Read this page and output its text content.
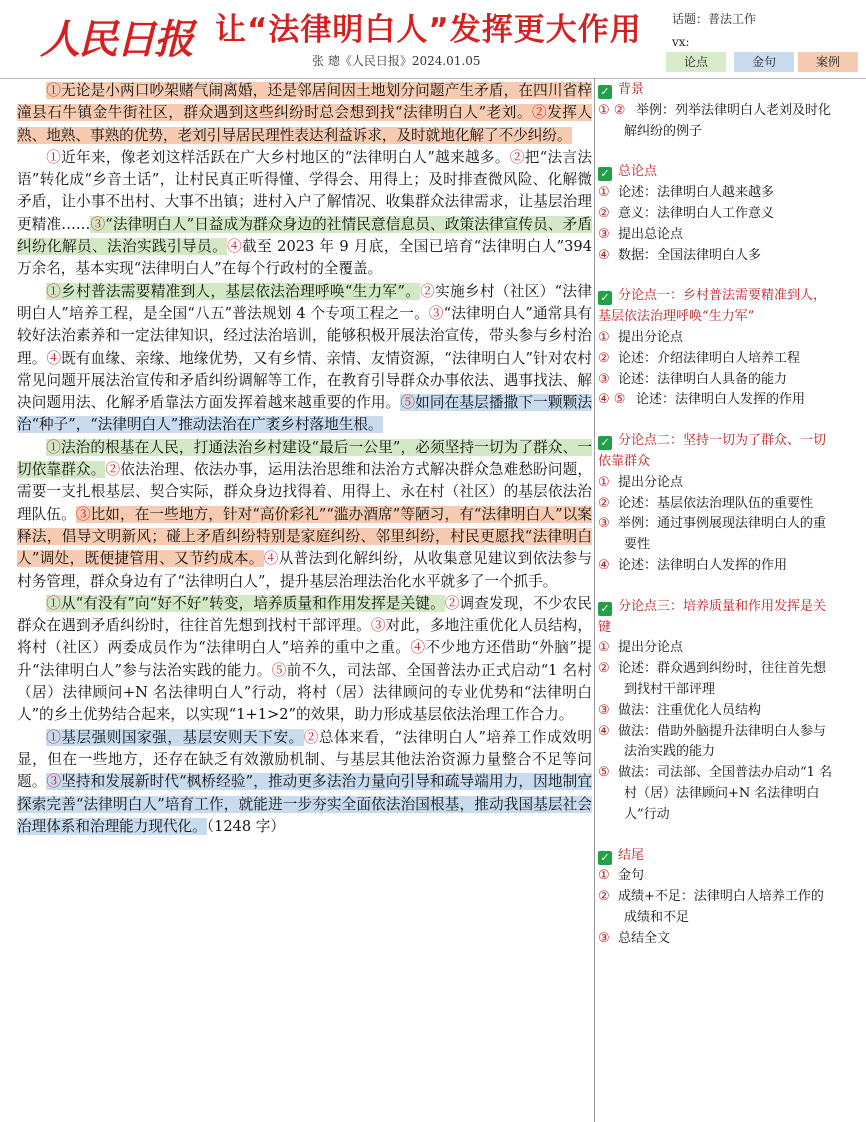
人民日报 让“法律明白人”发挥更大作用
张 璁《人民日报》2024.01.05
话题：普法工作
vx:
论点	金句	案例

①无论是小两口吵架赌气闹离婚，还是邻居间因土地划分问题产生矛盾，在四川省梓潼县石牛镇金牛街社区，群众遇到这些纠纷时总会想到找“法律明白人”老刘。②发挥人熟、地熟、事熟的优势，老刘引导居民理性表达利益诉求，及时就地化解了不少纠纷。

①近年来，像老刘这样活跃在广大乡村地区的“法律明白人”越来越多。②把“法言法语”转化成“乡音土话”，让村民真正听得懂、学得会、用得上；及时排查微风险、化解微矛盾，让小事不出村、大事不出镇；进村入户了解情况、收集群众法律需求，让基层治理更精准……③“法律明白人”日益成为群众身边的社情民意信息员、政策法律宣传员、矛盾纠纷化解员、法治实践引导员。④截至 2023 年 9 月底，全国已培育“法律明白人”394 万余名，基本实现“法律明白人”在每个行政村的全覆盖。

①乡村普法需要精准到人，基层依法治理呼唤“生力军”。②实施乡村（社区）“法律明白人”培养工程，是全国“八五”普法规划 4 个专项工程之一。③“法律明白人”通常具有较好法治素养和一定法律知识，经过法治培训，能够积极开展法治宣传，带头参与乡村治理。④既有血缘、亲缘、地缘优势，又有乡情、亲情、友情资源，“法律明白人”针对农村常见问题开展法治宣传和矛盾纠纷调解等工作，在教育引导群众办事依法、遇事找法、解决问题用法、化解矛盾靠法方面发挥着越来越重要的作用。⑤如同在基层播撒下一颗颗法治“种子”，“法律明白人”推动法治在广袤乡村落地生根。

①法治的根基在人民，打通法治乡村建设“最后一公里”，必须坚持一切为了群众、一切依靠群众。②依法治理、依法办事，运用法治思维和法治方式解决群众急难愁盼问题，需要一支扎根基层、契合实际，群众身边找得着、用得上、永在村（社区）的基层依法治理队伍。③比如，在一些地方，针对“高价彩礼”“滥办酒席”等陋习，有“法律明白人”以案释法，倡导文明新风；碰上矛盾纠纷特别是家庭纠纷、邻里纠纷，村民更愿找“法律明白人”调处，既便捷管用、又节约成本。④从普法到化解纠纷，从收集意见建议到依法参与村务管理，群众身边有了“法律明白人”，提升基层治理法治化水平就多了一个抓手。

①从“有没有”向“好不好”转变，培养质量和作用发挥是关键。②调查发现，不少农民群众在遇到矛盾纠纷时，往往首先想到找村干部评理。③对此，多地注重优化人员结构，将村（社区）两委成员作为“法律明白人”培养的重中之重。④不少地方还借助“外脑”提升“法律明白人”参与法治实践的能力。⑤前不久，司法部、全国普法办正式启动“1 名村（居）法律顾问+N 名法律明白人”行动，将村（居）法律顾问的专业优势和“法律明白人”的乡土优势结合起来，以实现“1+1>2”的效果，助力形成基层依法治理工作合力。

①基层强则国家强，基层安则天下安。②总体来看，“法律明白人”培养工作成效明显，但在一些地方，还存在缺乏有效激励机制、与基层其他法治资源力量整合不足等问题。③坚持和发展新时代“枫桥经验”，推动更多法治力量向引导和疏导端用力，因地制宜探索完善“法律明白人”培育工作，就能进一步夯实全面依法治国根基，推动我国基层社会治理体系和治理能力现代化。（1248 字）

✓ 背景
① ② 举例：列举法律明白人老刘及时化解纠纷的例子
✓ 总论点
① 论述：法律明白人越来越多
② 意义：法律明白人工作意义
③ 提出总论点
④ 数据：全国法律明白人多
✓ 分论点一：乡村普法需要精准到人，基层依法治理呼唤“生力军”
① 提出分论点
② 论述：介绍法律明白人培养工程
③ 论述：法律明白人具备的能力
④ ⑤ 论述：法律明白人发挥的作用
✓ 分论点二：坚持一切为了群众、一切依靠群众
① 提出分论点
② 论述：基层依法治理队伍的重要性
③ 举例：通过事例展现法律明白人的重要性
④ 论述：法律明白人发挥的作用
✓ 分论点三：培养质量和作用发挥是关键
① 提出分论点
② 论述：群众遇到纠纷时，往往首先想到找村干部评理
③ 做法：注重优化人员结构
④ 做法：借助外脑提升法律明白人参与法治实践的能力
⑤ 做法：司法部、全国普法办启动“1 名村（居）法律顾问+N 名法律明白人”行动
✓ 结尾
① 金句
② 成绩+不足：法律明白人培养工作的成绩和不足
③ 总结全文
